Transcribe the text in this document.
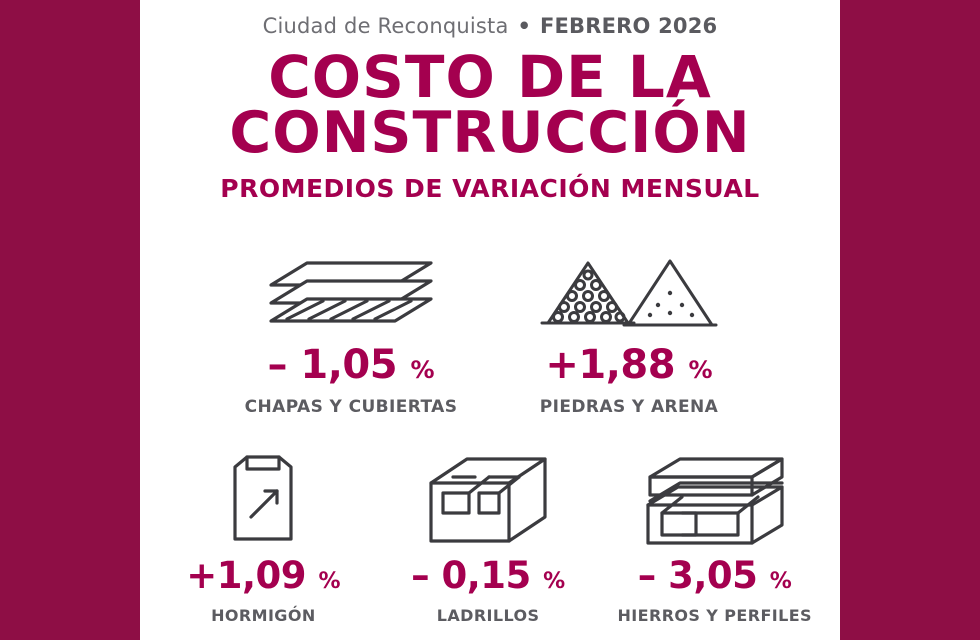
Ciudad de Reconquista • FEBRERO 2026
COSTO DE LA
CONSTRUCCIÓN
PROMEDIOS DE VARIACIÓN MENSUAL
– 1,05 %
CHAPAS Y CUBIERTAS
+1,88 %
PIEDRAS Y ARENA
+1,09 %
HORMIGÓN
– 0,15 %
LADRILLOS
– 3,05 %
HIERROS Y PERFILES
